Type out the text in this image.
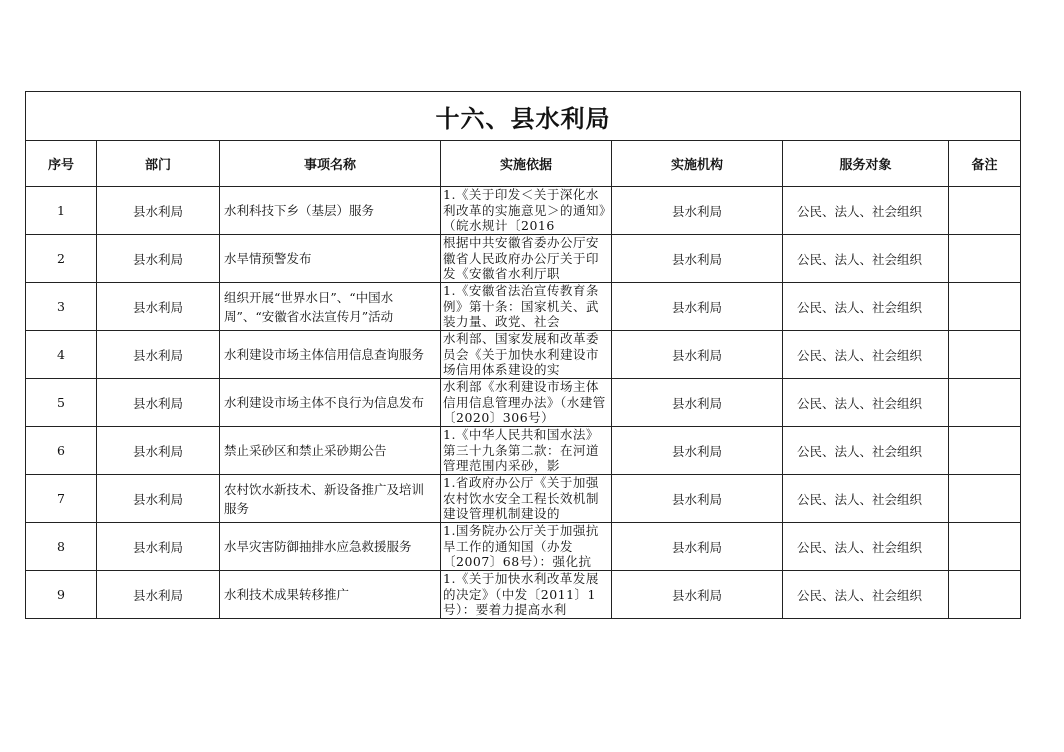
十六、县水利局						
序号	部门	事项名称	实施依据	实施机构	服务对象	备注
1	县水利局	水利科技下乡（基层）服务	1.《关于印发＜关于深化水利改革的实施意见＞的通知》（皖水规计〔2016	县水利局	公民、法人、社会组织	
2	县水利局	水旱情预警发布	根据中共安徽省委办公厅安徽省人民政府办公厅关于印发《安徽省水利厅职	县水利局	公民、法人、社会组织	
3	县水利局	组织开展“世界水日”、“中国水周”、“安徽省水法宣传月”活动	1.《安徽省法治宣传教育条例》第十条：国家机关、武装力量、政党、社会	县水利局	公民、法人、社会组织	
4	县水利局	水利建设市场主体信用信息查询服务	水利部、国家发展和改革委员会《关于加快水利建设市场信用体系建设的实	县水利局	公民、法人、社会组织	
5	县水利局	水利建设市场主体不良行为信息发布	水利部《水利建设市场主体信用信息管理办法》（水建管〔2020〕306号）	县水利局	公民、法人、社会组织	
6	县水利局	禁止采砂区和禁止采砂期公告	1.《中华人民共和国水法》第三十九条第二款：在河道管理范围内采砂，影	县水利局	公民、法人、社会组织	
7	县水利局	农村饮水新技术、新设备推广及培训服务	1.省政府办公厅《关于加强农村饮水安全工程长效机制建设管理机制建设的	县水利局	公民、法人、社会组织	
8	县水利局	水旱灾害防御抽排水应急救援服务	1.国务院办公厅关于加强抗旱工作的通知国（办发〔2007〕68号）：强化抗	县水利局	公民、法人、社会组织	
9	县水利局	水利技术成果转移推广	1.《关于加快水利改革发展的决定》（中发〔2011〕1号）：要着力提高水利	县水利局	公民、法人、社会组织	
